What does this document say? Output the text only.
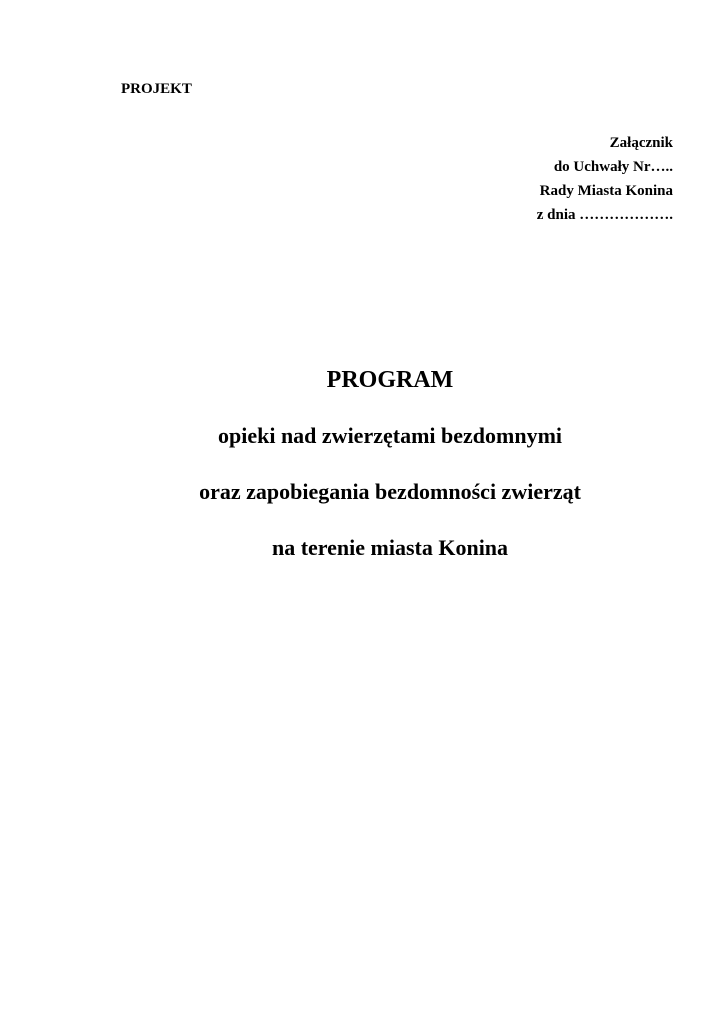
PROJEKT
Załącznik
do Uchwały Nr…..
Rady Miasta Konina
z dnia ……………….
PROGRAM
opieki nad zwierzętami bezdomnymi
oraz zapobiegania bezdomności zwierząt
na terenie miasta Konina
